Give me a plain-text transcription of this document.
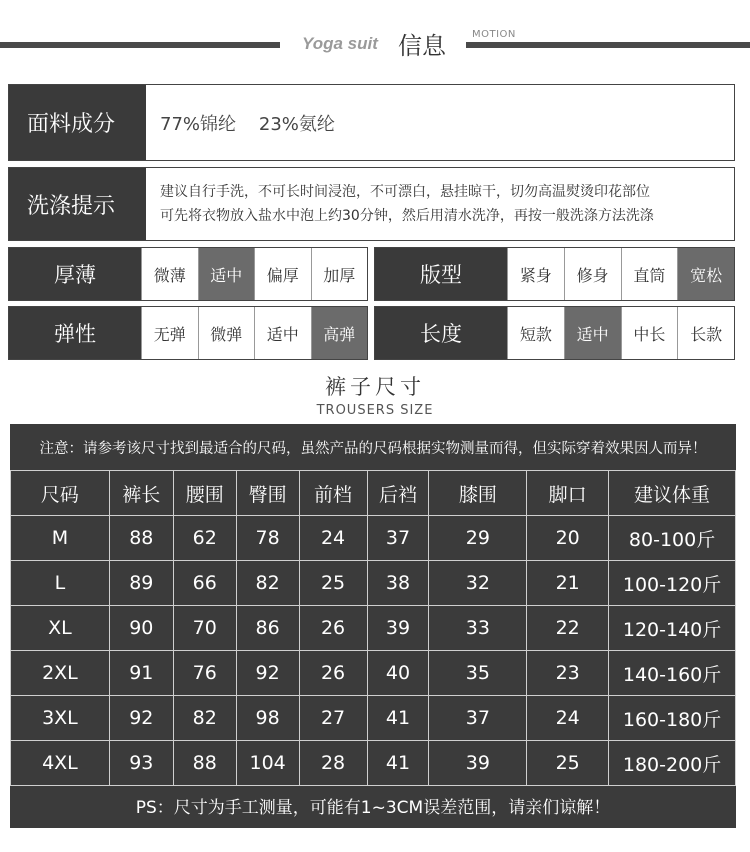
Yoga suit 信息	MOTION
面料成分	77%锦纶    23%氨纶
洗涤提示
建议自行手洗，不可长时间浸泡，不可漂白，悬挂晾干，切勿高温熨烫印花部位
可先将衣物放入盐水中泡上约30分钟，然后用清水洗净，再按一般洗涤方法洗涤
厚薄	微薄	适中	偏厚	加厚	版型	紧身	修身	直筒	宽松
弹性	无弹	微弹	适中	高弹	长度	短款	适中	中长	长款
裤子尺寸
TROUSERS SIZE
注意：请参考该尺寸找到最适合的尺码，虽然产品的尺码根据实物测量而得，但实际穿着效果因人而异！
尺码	裤长	腰围	臀围	前档	后裆	膝围	脚口	建议体重
M	88	62	78	24	37	29	20	80-100斤
L	89	66	82	25	38	32	21	100-120斤
XL	90	70	86	26	39	33	22	120-140斤
2XL	91	76	92	26	40	35	23	140-160斤
3XL	92	82	98	27	41	37	24	160-180斤
4XL	93	88	104	28	41	39	25	180-200斤
PS：尺寸为手工测量，可能有1~3CM误差范围，请亲们谅解！
